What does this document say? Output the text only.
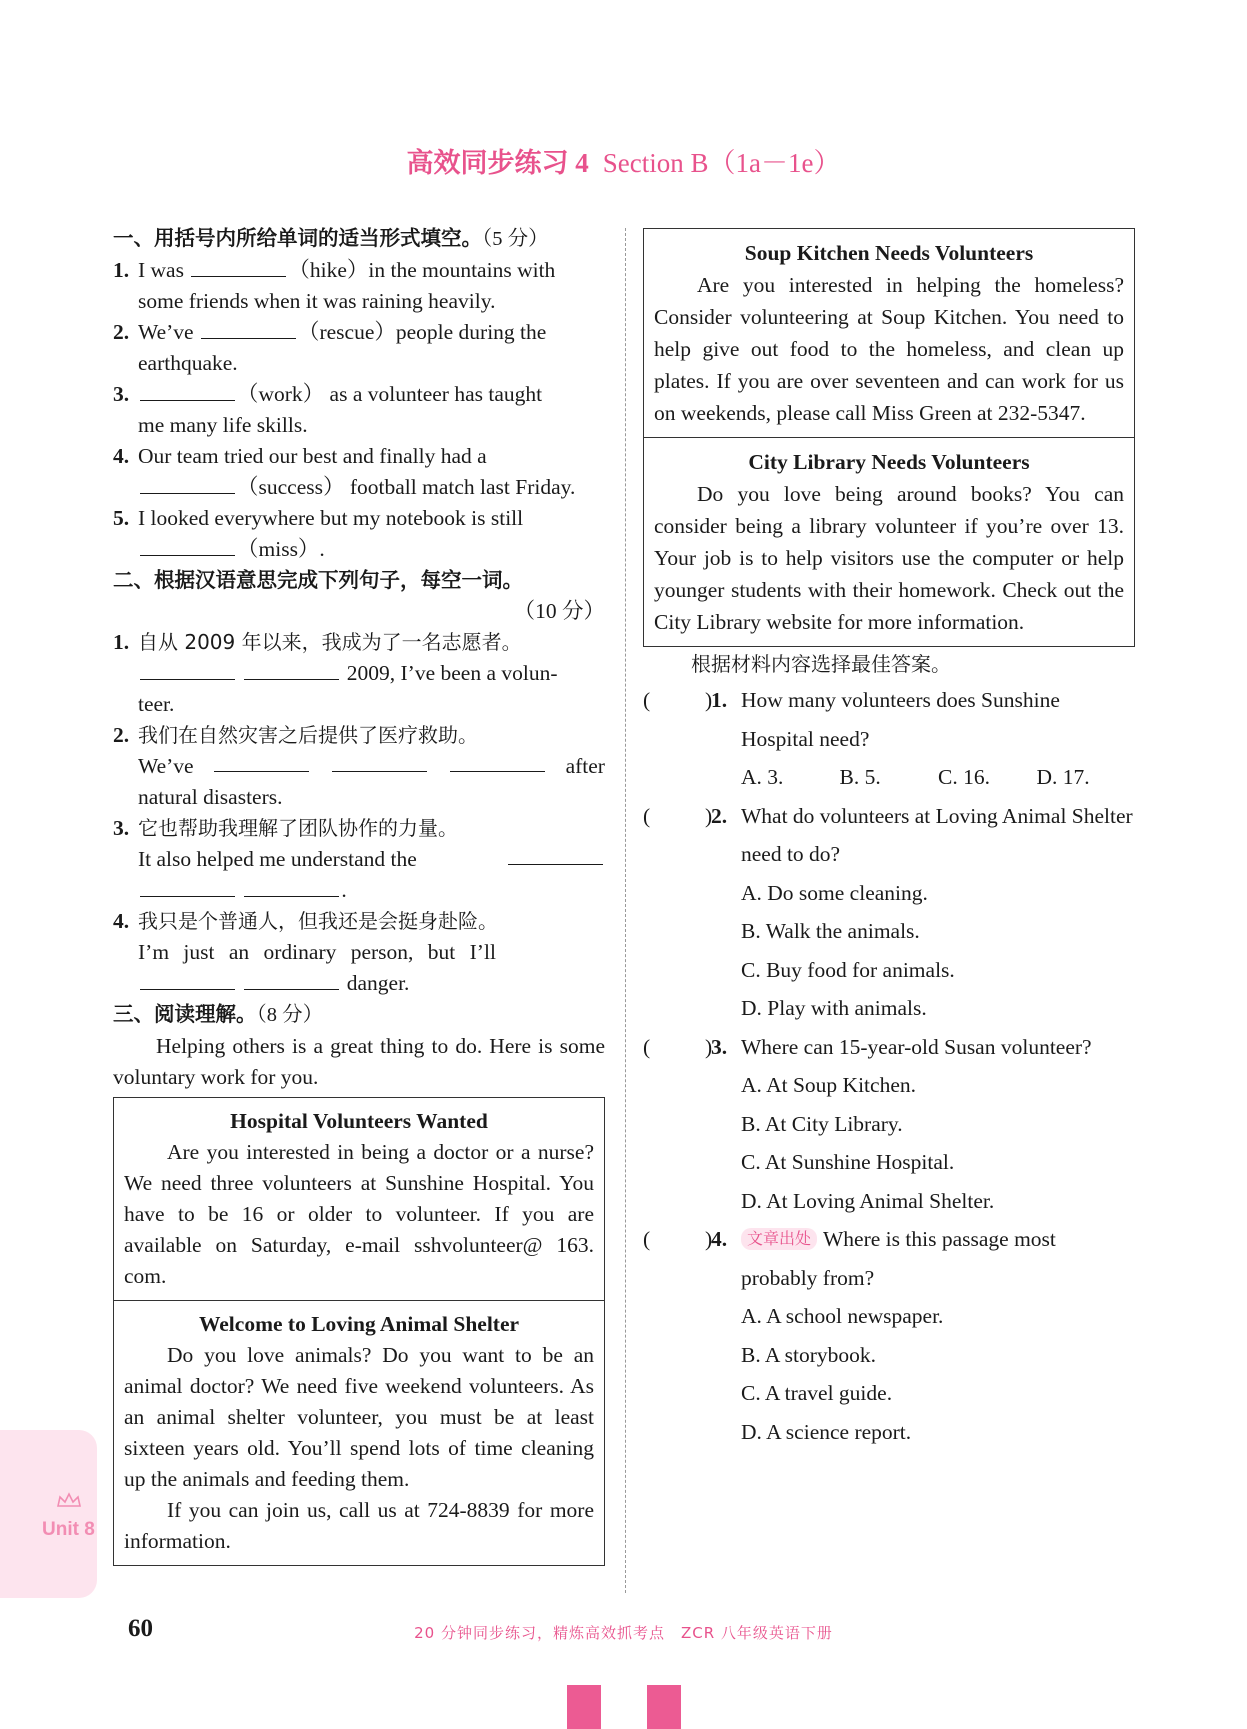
高效同步练习 4 Section B（1a－1e）
一、用括号内所给单词的适当形式填空。（5 分）
1. I was	（hike）in the mountains with
some friends when it was raining heavily.
2. We’ve	（rescue）people during the
earthquake.
3.	（work） as a volunteer has taught
me many life skills.
4. Our team tried our best and finally had a
（success） football match last Friday.
5. I looked everywhere but my notebook is still
（miss）.
二、根据汉语意思完成下列句子，每空一词。
（10 分）
1. 自从 2009 年以来，我成为了一名志愿者。
2009, I’ve been a volun-
teer.
2. 我们在自然灾害之后提供了医疗救助。
We’ve	after
natural disasters.
3. 它也帮助我理解了团队协作的力量。
It also helped me understand the
.
4. 我只是个普通人，但我还是会挺身赴险。
I’m just an ordinary person, but I’ll
danger.
三、阅读理解。（8 分）
Helping others is a great thing to do. Here is some voluntary work for you.
Hospital Volunteers Wanted
Are you interested in being a doctor or a nurse? We need three volunteers at Sunshine Hospital. You have to be 16 or older to volunteer. If you are available on Saturday, e-mail sshvolunteer@ 163. com.
Welcome to Loving Animal Shelter
Do you love animals? Do you want to be an animal doctor? We need five weekend volunteers. As an animal shelter volunteer, you must be at least sixteen years old. You’ll spend lots of time cleaning up the animals and feeding them.
If you can join us, call us at 724-8839 for more information.
Soup Kitchen Needs Volunteers
Are you interested in helping the homeless? Consider volunteering at Soup Kitchen. You need to help give out food to the homeless, and clean up plates. If you are over seventeen and can work for us on weekends, please call Miss Green at 232-5347.
City Library Needs Volunteers
Do you love being around books? You can consider being a library volunteer if you’re over 13. Your job is to help visitors use the computer or help younger students with their homework. Check out the City Library website for more information.
根据材料内容选择最佳答案。
(	)
1. How many volunteers does Sunshine Hospital need?
A. 3.	B. 5.	C. 16.	D. 17.
(	)
2. What do volunteers at Loving Animal Shelter need to do?
A. Do some cleaning.
B. Walk the animals.
C. Buy food for animals.
D. Play with animals.
(	)
3. Where can 15-year-old Susan volunteer?
A. At Soup Kitchen.
B. At City Library.
C. At Sunshine Hospital.
D. At Loving Animal Shelter.
(	)
4.	文章出处 Where is this passage most probably from?
A. A school newspaper.
B. A storybook.
C. A travel guide.
D. A science report.
Unit 8
60	20 分钟同步练习，精炼高效抓考点　ZCR 八年级英语下册
